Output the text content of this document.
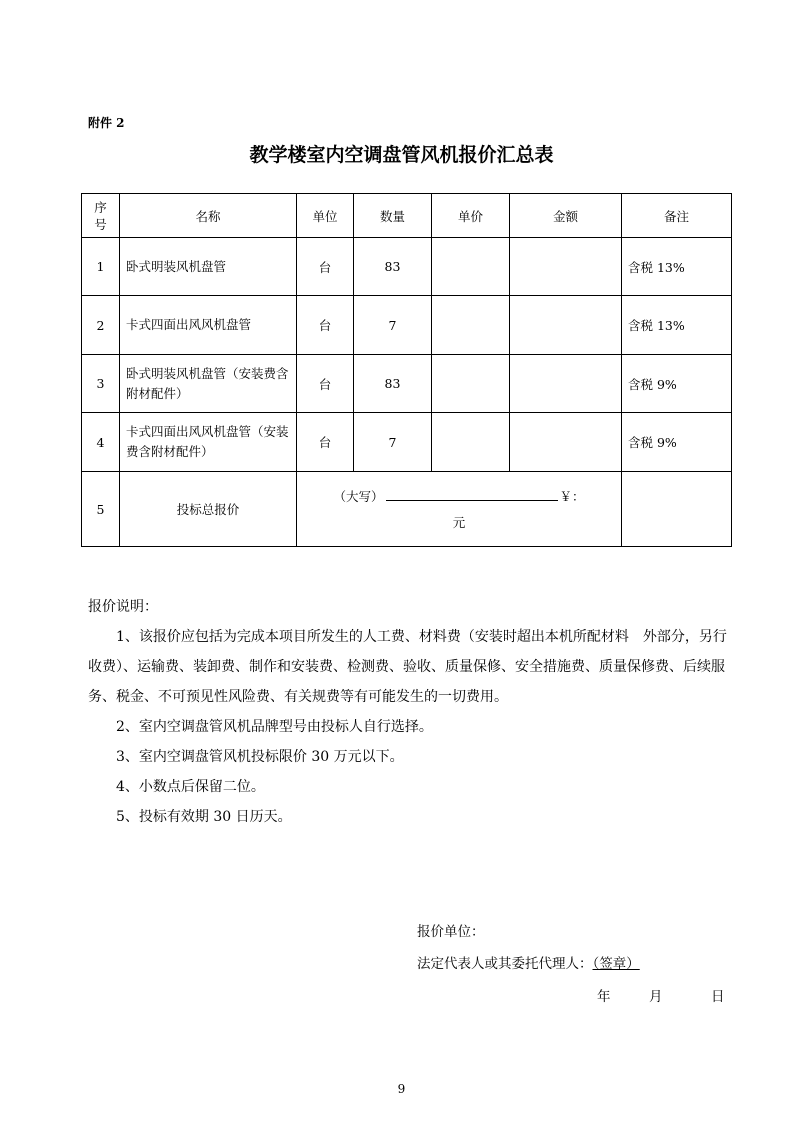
附件 2
教学楼室内空调盘管风机报价汇总表
序号	名称	单位	数量	单价	金额	备注
1	卧式明装风机盘管	台	83			含税 13%
2	卡式四面出风风机盘管	台	7			含税 13%
3	卧式明装风机盘管（安装费含附材配件）	台	83			含税 9%
4	卡式四面出风风机盘管（安装费含附材配件）	台	7			含税 9%
5	投标总报价	（大写） ￥：
元				

报价说明：

1、该报价应包括为完成本项目所发生的人工费、材料费（安装时超出本机所配材料　外部分，另行收费）、运输费、装卸费、制作和安装费、检测费、验收、质量保修、安全措施费、质量保修费、后续服务、税金、不可预见性风险费、有关规费等有可能发生的一切费用。

2、室内空调盘管风机品牌型号由投标人自行选择。

3、室内空调盘管风机投标限价 30 万元以下。

4、小数点后保留二位。

5、投标有效期 30 日历天。

报价单位：
法定代表人或其委托代理人：（签章）
年	月	日
9
